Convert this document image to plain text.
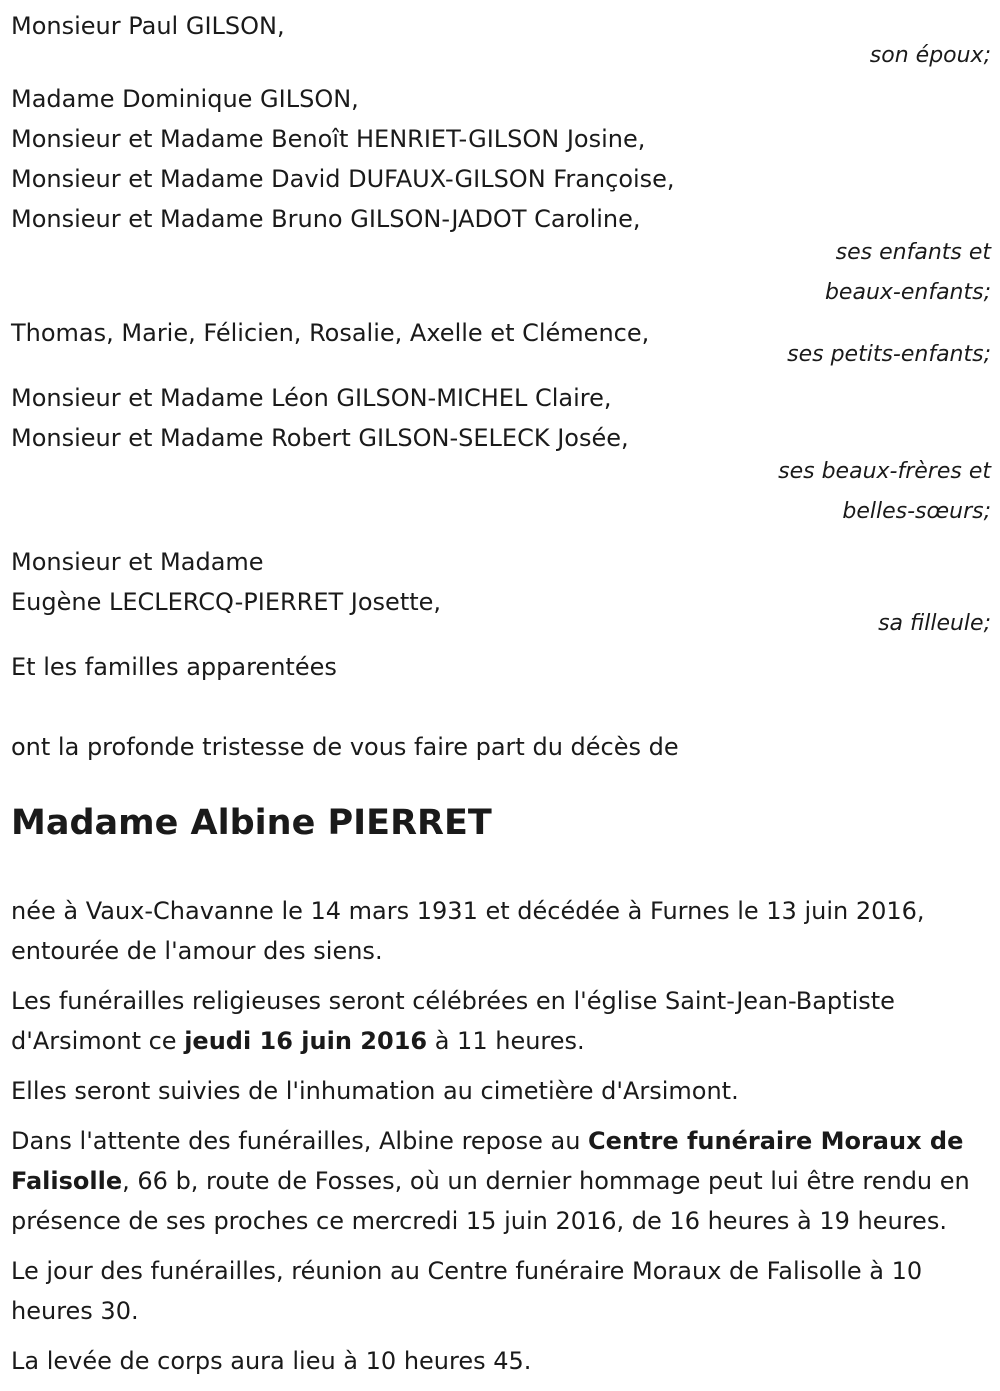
Monsieur Paul GILSON,
son époux;
Madame Dominique GILSON,
Monsieur et Madame Benoît HENRIET-GILSON Josine,
Monsieur et Madame David DUFAUX-GILSON Françoise,
Monsieur et Madame Bruno GILSON-JADOT Caroline,
ses enfants et
beaux-enfants;
Thomas, Marie, Félicien, Rosalie, Axelle et Clémence,
ses petits-enfants;
Monsieur et Madame Léon GILSON-MICHEL Claire,
Monsieur et Madame Robert GILSON-SELECK Josée,
ses beaux-frères et
belles-sœurs;
Monsieur et Madame
Eugène LECLERCQ-PIERRET Josette,
sa filleule;
Et les familles apparentées
ont la profonde tristesse de vous faire part du décès de
Madame Albine PIERRET

née à Vaux-Chavanne le 14 mars 1931 et décédée à Furnes le 13 juin 2016, entourée de l'amour des siens.

Les funérailles religieuses seront célébrées en l'église Saint-Jean-Baptiste d'Arsimont ce jeudi 16 juin 2016 à 11 heures.

Elles seront suivies de l'inhumation au cimetière d'Arsimont.

Dans l'attente des funérailles, Albine repose au Centre funéraire Moraux de Falisolle, 66 b, route de Fosses, où un dernier hommage peut lui être rendu en présence de ses proches ce mercredi 15 juin 2016, de 16 heures à 19 heures.

Le jour des funérailles, réunion au Centre funéraire Moraux de Falisolle à 10 heures 30.

La levée de corps aura lieu à 10 heures 45.
